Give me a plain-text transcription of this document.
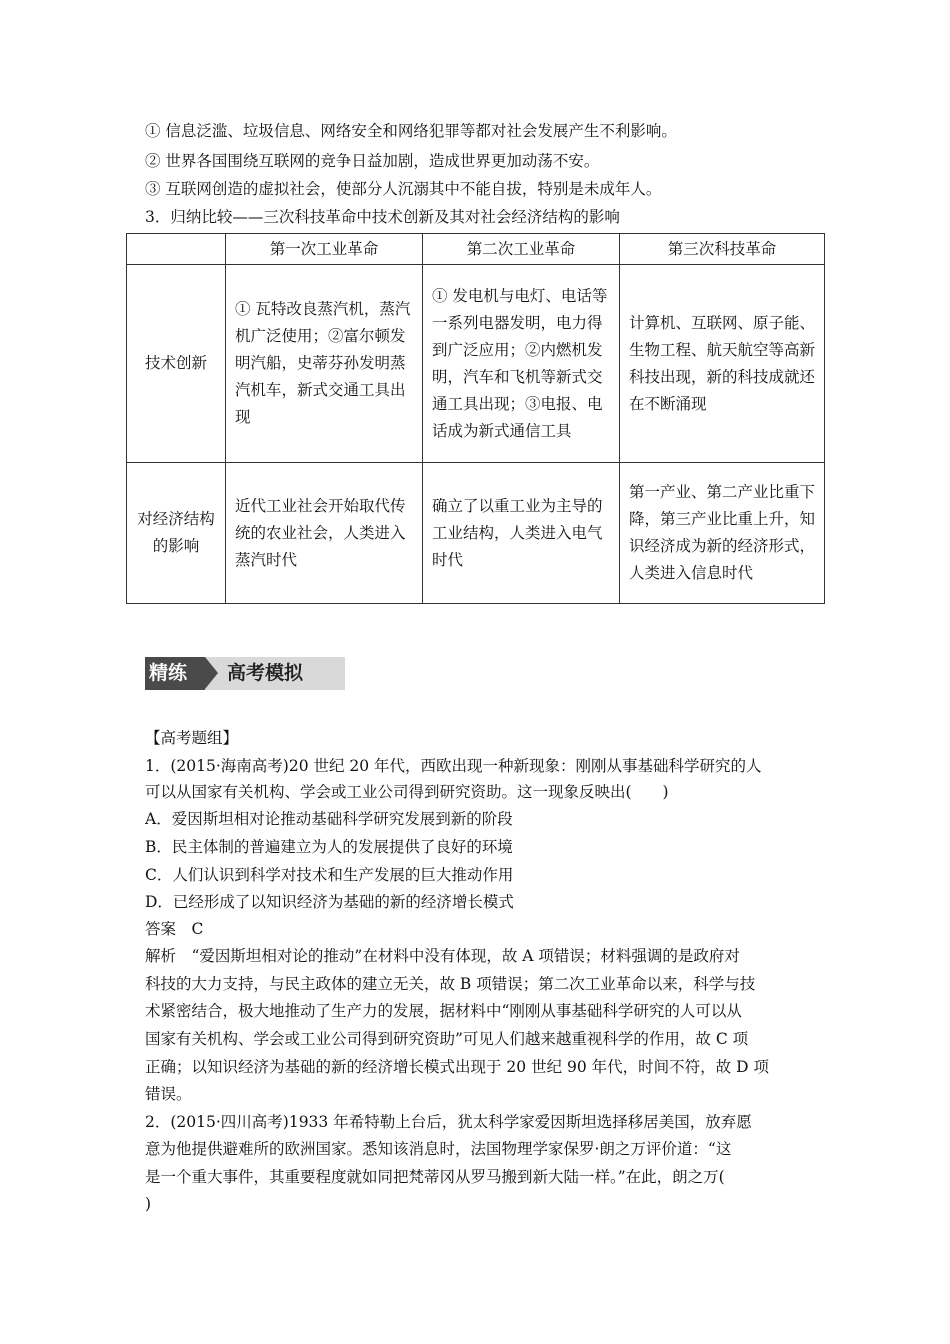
① 信息泛滥、垃圾信息、网络安全和网络犯罪等都对社会发展产生不利影响。
② 世界各国围绕互联网的竞争日益加剧，造成世界更加动荡不安。
③ 互联网创造的虚拟社会，使部分人沉溺其中不能自拔，特别是未成年人。
3．归纳比较——三次科技革命中技术创新及其对社会经济结构的影响
	第一次工业革命	第二次工业革命	第三次科技革命
技术创新	① 瓦特改良蒸汽机，蒸汽机广泛使用；②富尔顿发明汽船，史蒂芬孙发明蒸汽机车，新式交通工具出现	① 发电机与电灯、电话等一系列电器发明，电力得到广泛应用；②内燃机发明，汽车和飞机等新式交通工具出现；③电报、电话成为新式通信工具	计算机、互联网、原子能、生物工程、航天航空等高新科技出现，新的科技成就还在不断涌现
对经济结构的影响	近代工业社会开始取代传统的农业社会，人类进入蒸汽时代	确立了以重工业为主导的工业结构，人类进入电气时代	第一产业、第二产业比重下降，第三产业比重上升，知识经济成为新的经济形式，人类进入信息时代
精练	高考模拟
【高考题组】
1．(2015·海南高考)20 世纪 20 年代，西欧出现一种新现象：刚刚从事基础科学研究的人
可以从国家有关机构、学会或工业公司得到研究资助。这一现象反映出(　　)
A．爱因斯坦相对论推动基础科学研究发展到新的阶段
B．民主体制的普遍建立为人的发展提供了良好的环境
C．人们认识到科学对技术和生产发展的巨大推动作用
D．已经形成了以知识经济为基础的新的经济增长模式
答案　C
解析　“爱因斯坦相对论的推动”在材料中没有体现，故 A 项错误；材料强调的是政府对
科技的大力支持，与民主政体的建立无关，故 B 项错误；第二次工业革命以来，科学与技
术紧密结合，极大地推动了生产力的发展，据材料中“刚刚从事基础科学研究的人可以从
国家有关机构、学会或工业公司得到研究资助”可见人们越来越重视科学的作用，故 C 项
正确；以知识经济为基础的新的经济增长模式出现于 20 世纪 90 年代，时间不符，故 D 项
错误。
2．(2015·四川高考)1933 年希特勒上台后，犹太科学家爱因斯坦选择移居美国，放弃愿
意为他提供避难所的欧洲国家。悉知该消息时，法国物理学家保罗·朗之万评价道：“这
是一个重大事件，其重要程度就如同把梵蒂冈从罗马搬到新大陆一样。”在此，朗之万(
)
